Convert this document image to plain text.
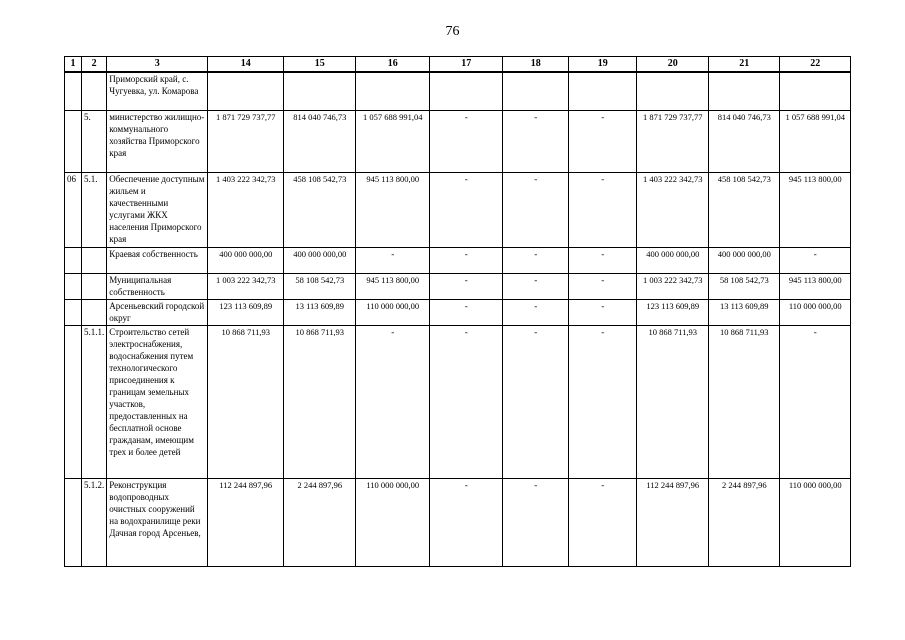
76
1	2	3	14	15	16	17	18	19	20	21	22
		Приморский край, с. Чугуевка, ул. Комарова									
	5.	министерство жилищно-коммунального хозяйства Приморского края	1 871 729 737,77	814 040 746,73	1 057 688 991,04	-	-	-	1 871 729 737,77	814 040 746,73	1 057 688 991,04
06	5.1.	Обеспечение доступным жильем и качественными услугами ЖКХ населения Приморского края	1 403 222 342,73	458 108 542,73	945 113 800,00	-	-	-	1 403 222 342,73	458 108 542,73	945 113 800,00
		Краевая собственность	400 000 000,00	400 000 000,00	-	-	-	-	400 000 000,00	400 000 000,00	-
		Муниципальная собственность	1 003 222 342,73	58 108 542,73	945 113 800,00	-	-	-	1 003 222 342,73	58 108 542,73	945 113 800,00
		Арсеньевский городской округ	123 113 609,89	13 113 609,89	110 000 000,00	-	-	-	123 113 609,89	13 113 609,89	110 000 000,00
	5.1.1.	Строительство сетей электроснабжения, водоснабжения путем технологического присоединения к границам земельных участков, предоставленных на бесплатной основе гражданам, имеющим трех и более детей	10 868 711,93	10 868 711,93	-	-	-	-	10 868 711,93	10 868 711,93	-
	5.1.2.	Реконструкция водопроводных очистных сооружений на водохранилище реки Дачная город Арсеньев,	112 244 897,96	2 244 897,96	110 000 000,00	-	-	-	112 244 897,96	2 244 897,96	110 000 000,00
